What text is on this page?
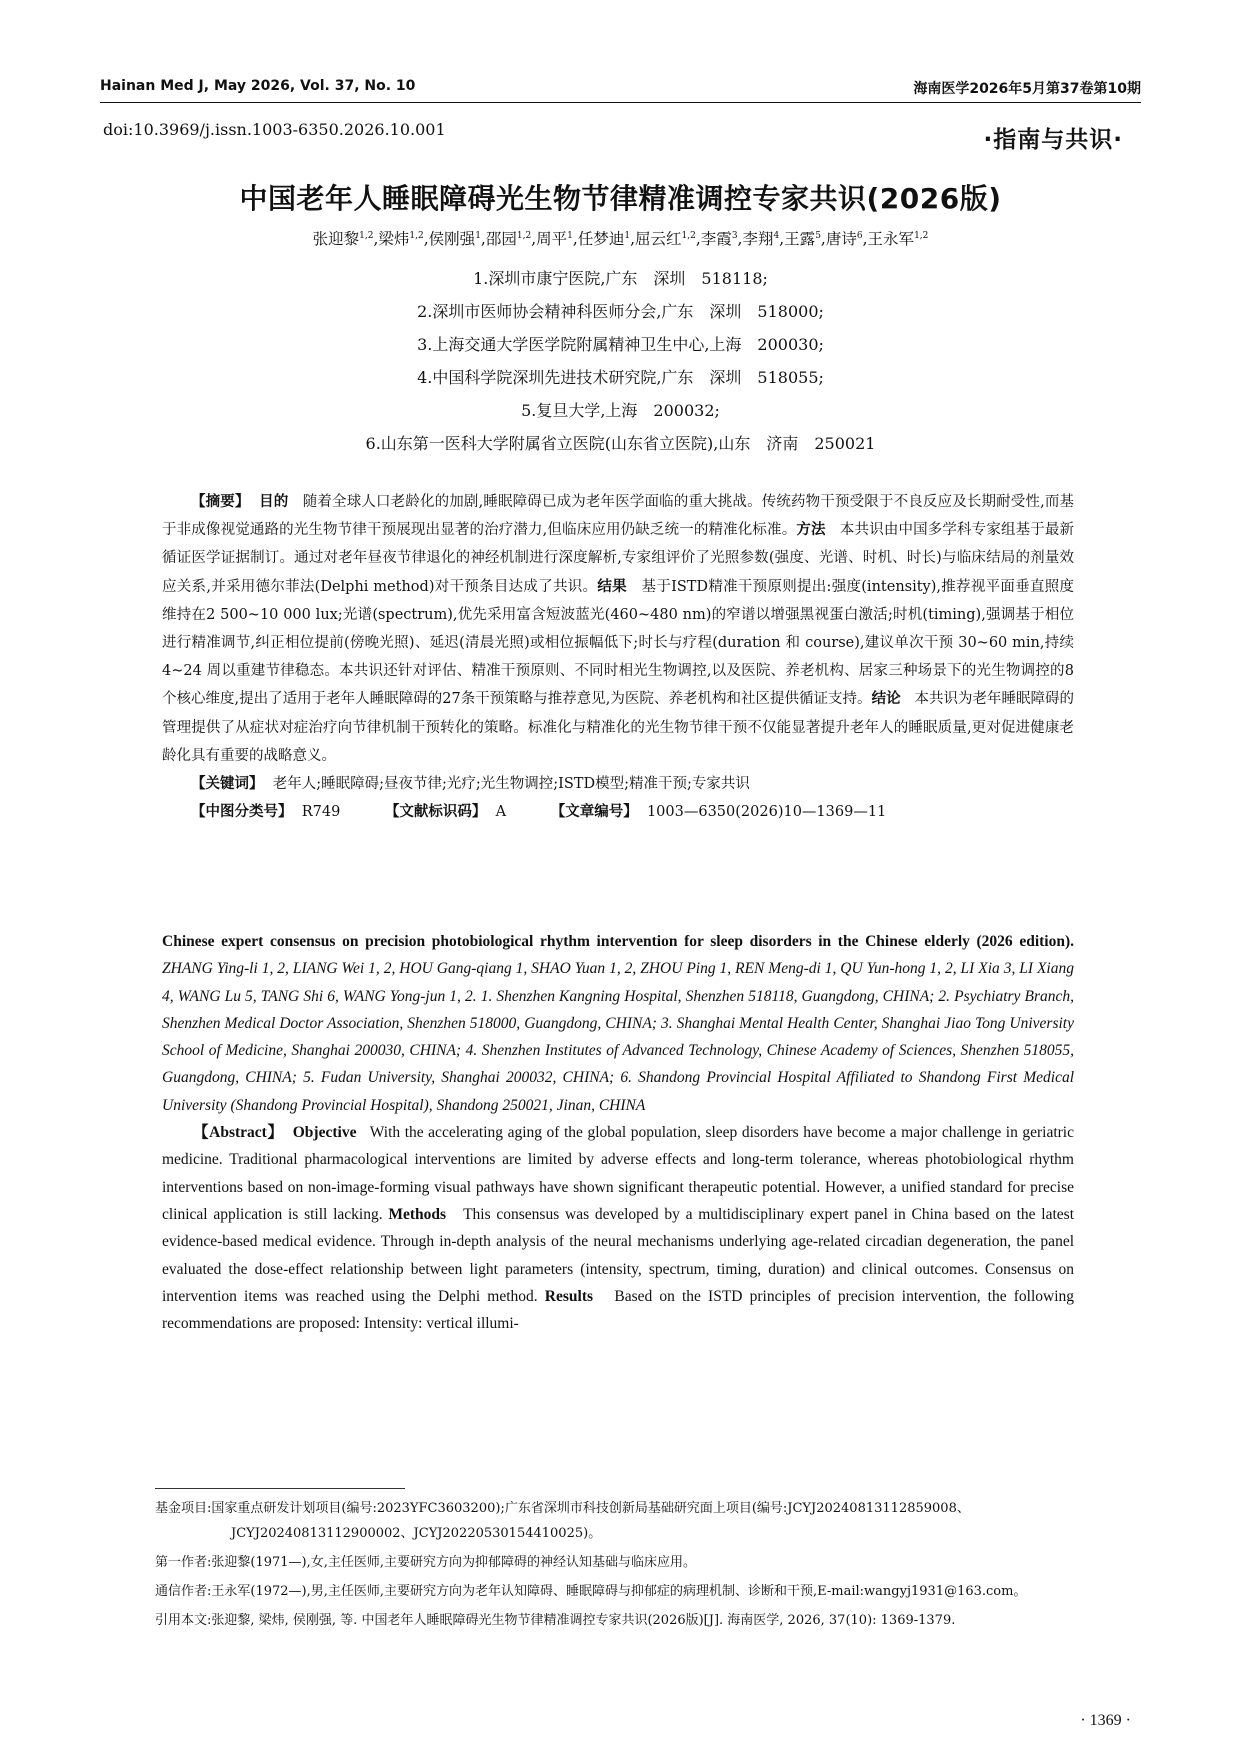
Hainan Med J, May 2026, Vol. 37, No. 10	海南医学2026年5月第37卷第10期
doi:10.3969/j.issn.1003-6350.2026.10.001	·指南与共识·
中国老年人睡眠障碍光生物节律精准调控专家共识(2026版)
张迎黎$^{1,2}$,梁炜$^{1,2}$,侯刚强$^1$,邵园$^{1,2}$,周平$^1$,任梦迪$^1$,屈云红$^{1,2}$,李霞$^3$,李翔$^4$,王露$^5$,唐诗$^6$,王永军$^{1,2}$
1.深圳市康宁医院,广东　深圳　518118;
2.深圳市医师协会精神科医师分会,广东　深圳　518000;
3.上海交通大学医学院附属精神卫生中心,上海　200030;
4.中国科学院深圳先进技术研究院,广东　深圳　518055;
5.复旦大学,上海　200032;
6.山东第一医科大学附属省立医院(山东省立医院),山东　济南　250021

【摘要】 目的 随着全球人口老龄化的加剧,睡眠障碍已成为老年医学面临的重大挑战。传统药物干预受限于不良反应及长期耐受性,而基于非成像视觉通路的光生物节律干预展现出显著的治疗潜力,但临床应用仍缺乏统一的精准化标准。方法 本共识由中国多学科专家组基于最新循证医学证据制订。通过对老年昼夜节律退化的神经机制进行深度解析,专家组评价了光照参数(强度、光谱、时机、时长)与临床结局的剂量效应关系,并采用德尔菲法(Delphi method)对干预条目达成了共识。结果 基于ISTD精准干预原则提出:强度(intensity),推荐视平面垂直照度维持在2 500~10 000 lux;光谱(spectrum),优先采用富含短波蓝光(460~480 nm)的窄谱以增强黑视蛋白激活;时机(timing),强调基于相位进行精准调节,纠正相位提前(傍晚光照)、延迟(清晨光照)或相位振幅低下;时长与疗程(duration 和 course),建议单次干预 30~60 min,持续 4~24 周以重建节律稳态。本共识还针对评估、精准干预原则、不同时相光生物调控,以及医院、养老机构、居家三种场景下的光生物调控的8个核心维度,提出了适用于老年人睡眠障碍的27条干预策略与推荐意见,为医院、养老机构和社区提供循证支持。结论 本共识为老年睡眠障碍的管理提供了从症状对症治疗向节律机制干预转化的策略。标准化与精准化的光生物节律干预不仅能显著提升老年人的睡眠质量,更对促进健康老龄化具有重要的战略意义。

【关键词】 老年人;睡眠障碍;昼夜节律;光疗;光生物调控;ISTD模型;精准干预;专家共识

【中图分类号】 R749	【文献标识码】 A	【文章编号】 1003—6350(2026)10—1369—11

Chinese expert consensus on precision photobiological rhythm intervention for sleep disorders in the Chinese elderly (2026 edition). ZHANG Ying-li 1, 2, LIANG Wei 1, 2, HOU Gang-qiang 1, SHAO Yuan 1, 2, ZHOU Ping 1, REN Meng-di 1, QU Yun-hong 1, 2, LI Xia 3, LI Xiang 4, WANG Lu 5, TANG Shi 6, WANG Yong-jun 1, 2. 1. Shenzhen Kangning Hospital, Shenzhen 518118, Guangdong, CHINA; 2. Psychiatry Branch, Shenzhen Medical Doctor Association, Shenzhen 518000, Guangdong, CHINA; 3. Shanghai Mental Health Center, Shanghai Jiao Tong University School of Medicine, Shanghai 200030, CHINA; 4. Shenzhen Institutes of Advanced Technology, Chinese Academy of Sciences, Shenzhen 518055, Guangdong, CHINA; 5. Fudan University, Shanghai 200032, CHINA; 6. Shandong Provincial Hospital Affiliated to Shandong First Medical University (Shandong Provincial Hospital), Shandong 250021, Jinan, CHINA

【Abstract】 Objective With the accelerating aging of the global population, sleep disorders have become a major challenge in geriatric medicine. Traditional pharmacological interventions are limited by adverse effects and long-term tolerance, whereas photobiological rhythm interventions based on non-image-forming visual pathways have shown significant therapeutic potential. However, a unified standard for precise clinical application is still lacking. Methods This consensus was developed by a multidisciplinary expert panel in China based on the latest evidence-based medical evidence. Through in-depth analysis of the neural mechanisms underlying age-related circadian degeneration, the panel evaluated the dose-effect relationship between light parameters (intensity, spectrum, timing, duration) and clinical outcomes. Consensus on intervention items was reached using the Delphi method. Results Based on the ISTD principles of precision intervention, the following recommendations are proposed: Intensity: vertical illumi-

基金项目:国家重点研发计划项目(编号:2023YFC3603200);广东省深圳市科技创新局基础研究面上项目(编号:JCYJ20240813112859008、JCYJ20240813112900002、JCYJ20220530154410025)。

第一作者:张迎黎(1971—),女,主任医师,主要研究方向为抑郁障碍的神经认知基础与临床应用。

通信作者:王永军(1972—),男,主任医师,主要研究方向为老年认知障碍、睡眠障碍与抑郁症的病理机制、诊断和干预,E-mail:wangyj1931@163.com。

引用本文:张迎黎, 梁炜, 侯刚强, 等. 中国老年人睡眠障碍光生物节律精准调控专家共识(2026版)[J]. 海南医学, 2026, 37(10): 1369-1379.

· 1369 ·
